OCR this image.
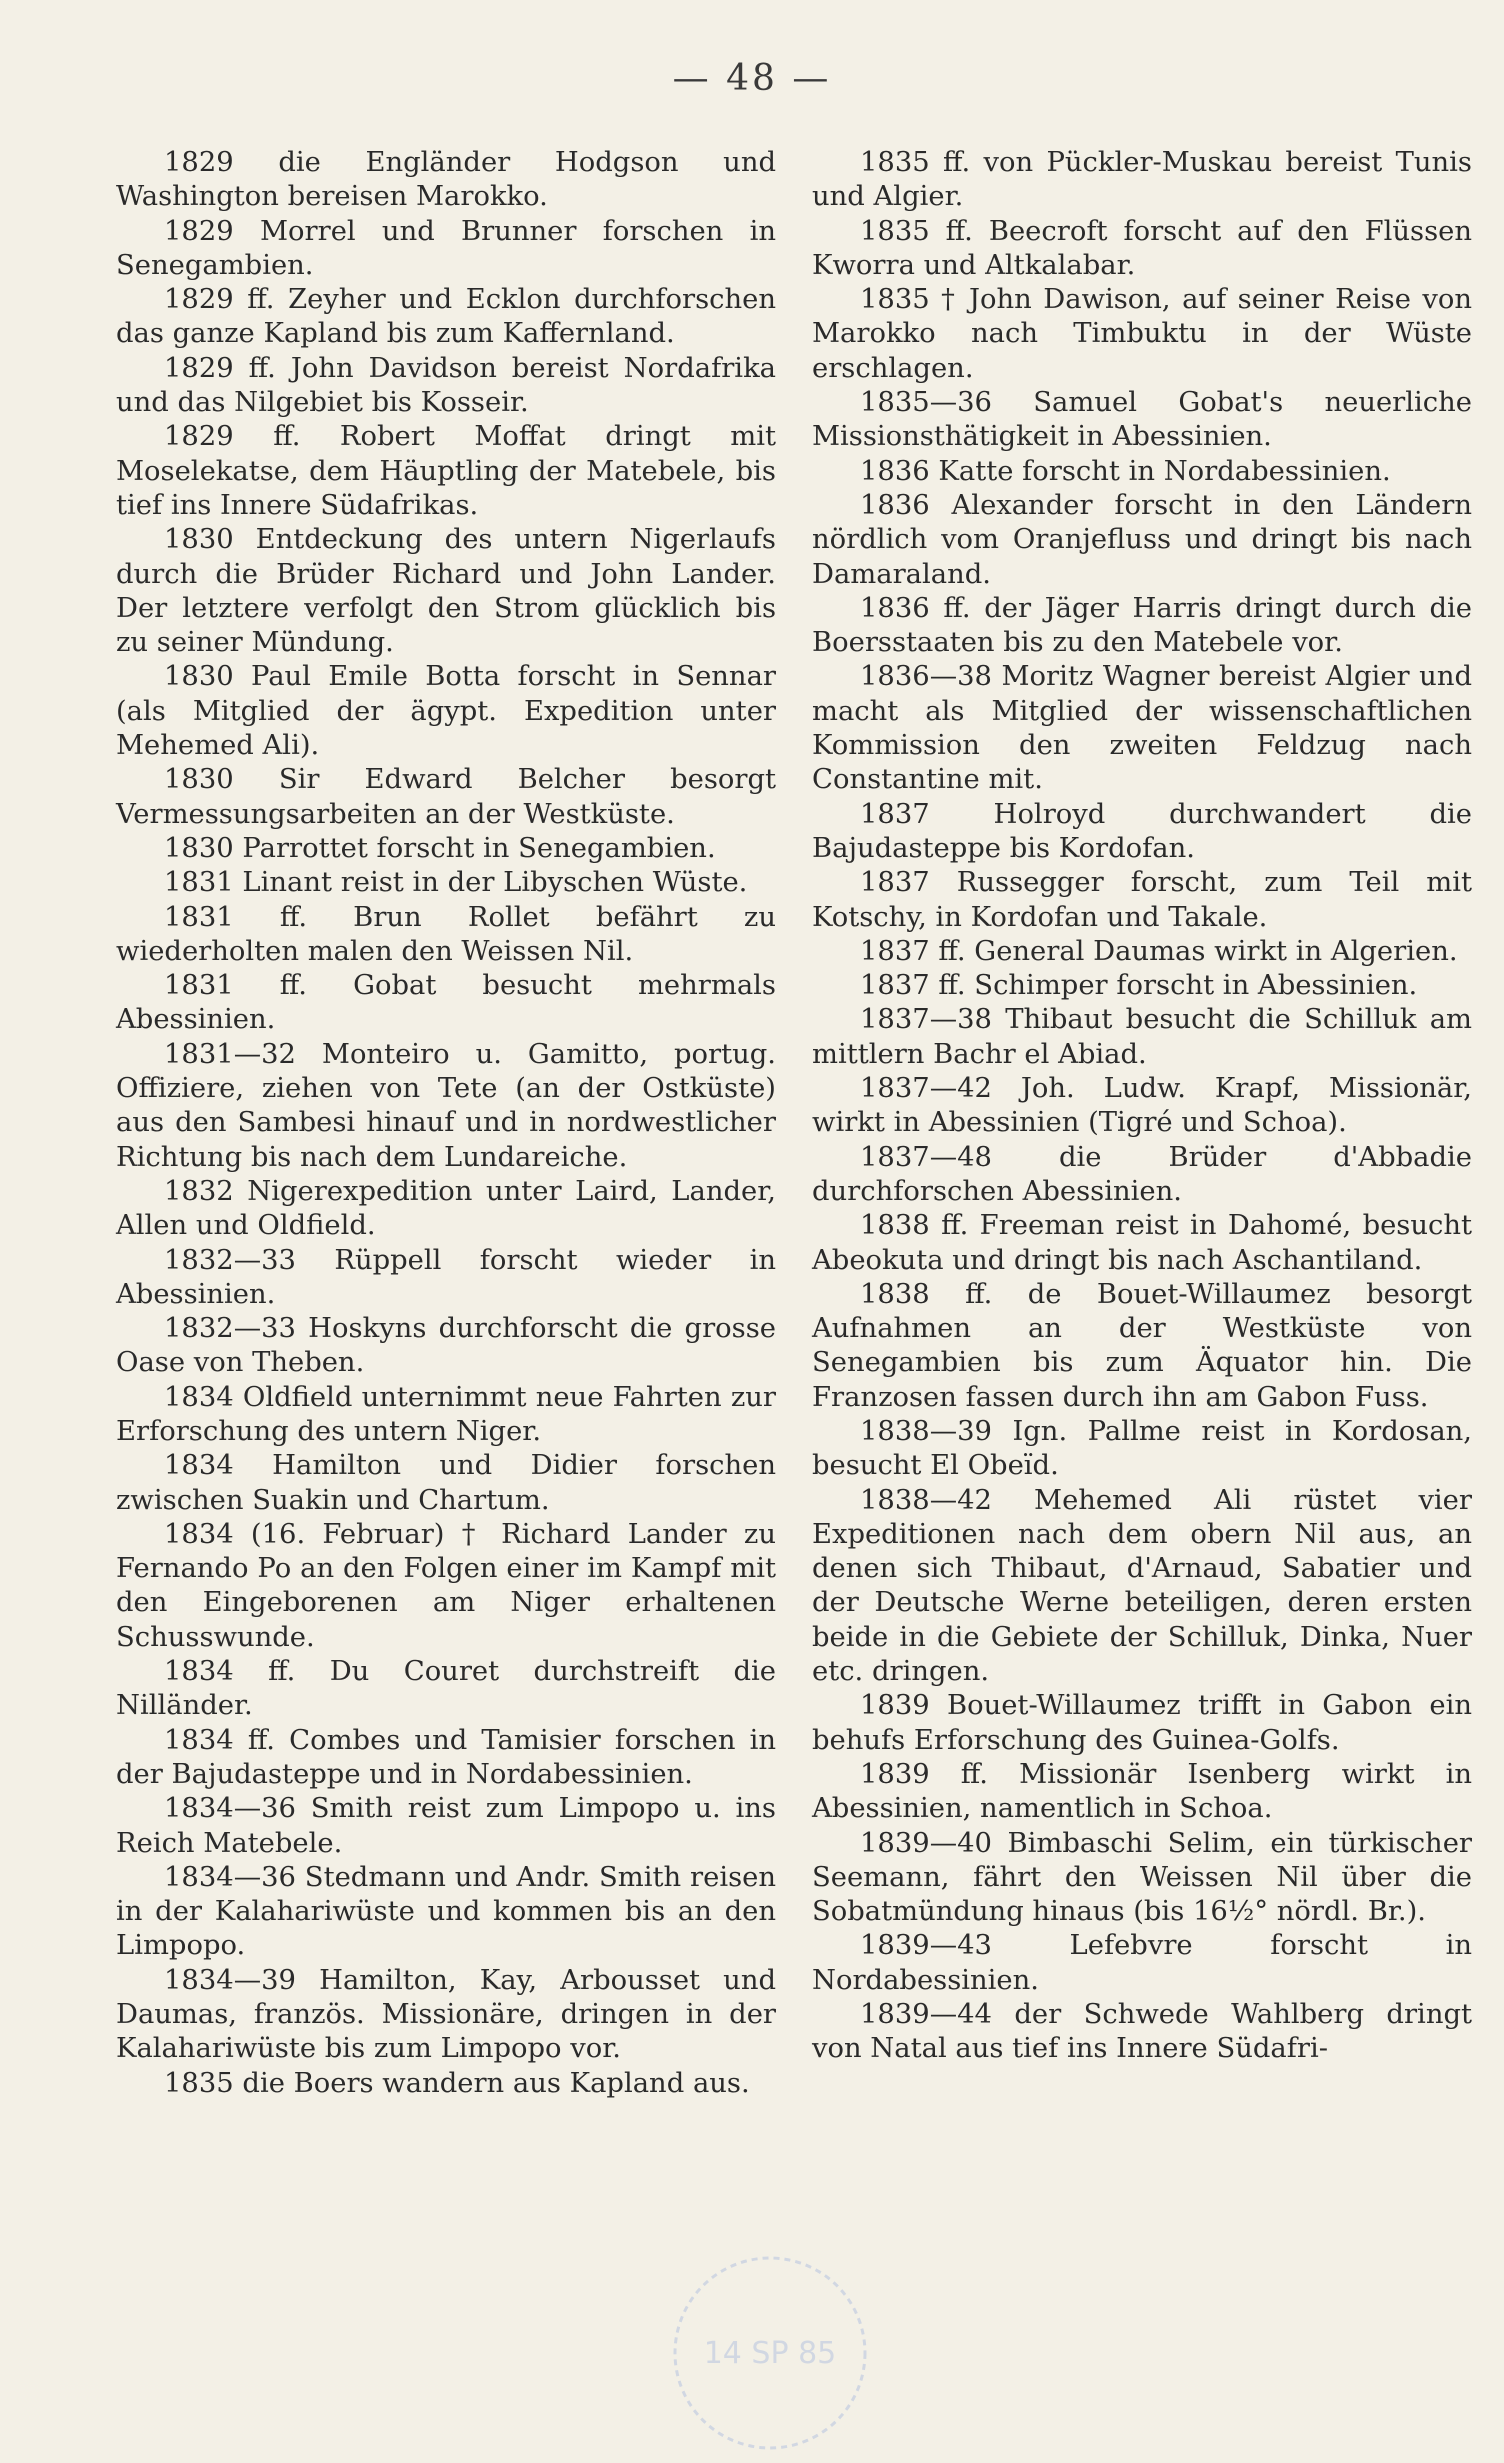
— 48 —

1829 die Engländer Hodgson und Washington bereisen Marokko.

1829 Morrel und Brunner forschen in Senegambien.

1829 ff. Zeyher und Ecklon durchforschen das ganze Kapland bis zum Kaffernland.

1829 ff. John Davidson bereist Nordafrika und das Nilgebiet bis Kosseir.

1829 ff. Robert Moffat dringt mit Moselekatse, dem Häuptling der Matebele, bis tief ins Innere Südafrikas.

1830 Entdeckung des untern Nigerlaufs durch die Brüder Richard und John Lander. Der letztere verfolgt den Strom glücklich bis zu seiner Mündung.

1830 Paul Emile Botta forscht in Sennar (als Mitglied der ägypt. Expedition unter Mehemed Ali).

1830 Sir Edward Belcher besorgt Vermessungsarbeiten an der Westküste.

1830 Parrottet forscht in Senegambien.

1831 Linant reist in der Libyschen Wüste.

1831 ff. Brun Rollet befährt zu wiederholten malen den Weissen Nil.

1831 ff. Gobat besucht mehrmals Abessinien.

1831—32 Monteiro u. Gamitto, portug. Offiziere, ziehen von Tete (an der Ostküste) aus den Sambesi hinauf und in nordwestlicher Richtung bis nach dem Lundareiche.

1832 Nigerexpedition unter Laird, Lander, Allen und Oldfield.

1832—33 Rüppell forscht wieder in Abessinien.

1832—33 Hoskyns durchforscht die grosse Oase von Theben.

1834 Oldfield unternimmt neue Fahrten zur Erforschung des untern Niger.

1834 Hamilton und Didier forschen zwischen Suakin und Chartum.

1834 (16. Februar) † Richard Lander zu Fernando Po an den Folgen einer im Kampf mit den Eingeborenen am Niger erhaltenen Schusswunde.

1834 ff. Du Couret durchstreift die Nilländer.

1834 ff. Combes und Tamisier forschen in der Bajudasteppe und in Nordabessinien.

1834—36 Smith reist zum Limpopo u. ins Reich Matebele.

1834—36 Stedmann und Andr. Smith reisen in der Kalahariwüste und kommen bis an den Limpopo.

1834—39 Hamilton, Kay, Arbousset und Daumas, französ. Missionäre, dringen in der Kalahariwüste bis zum Limpopo vor.

1835 die Boers wandern aus Kapland aus.

1835 ff. von Pückler-Muskau bereist Tunis und Algier.

1835 ff. Beecroft forscht auf den Flüssen Kworra und Altkalabar.

1835 † John Dawison, auf seiner Reise von Marokko nach Timbuktu in der Wüste erschlagen.

1835—36 Samuel Gobat's neuerliche Missionsthätigkeit in Abessinien.

1836 Katte forscht in Nordabessinien.

1836 Alexander forscht in den Ländern nördlich vom Oranjefluss und dringt bis nach Damaraland.

1836 ff. der Jäger Harris dringt durch die Boersstaaten bis zu den Matebele vor.

1836—38 Moritz Wagner bereist Algier und macht als Mitglied der wissenschaftlichen Kommission den zweiten Feldzug nach Constantine mit.

1837 Holroyd durchwandert die Bajudasteppe bis Kordofan.

1837 Russegger forscht, zum Teil mit Kotschy, in Kordofan und Takale.

1837 ff. General Daumas wirkt in Algerien.

1837 ff. Schimper forscht in Abessinien.

1837—38 Thibaut besucht die Schilluk am mittlern Bachr el Abiad.

1837—42 Joh. Ludw. Krapf, Missionär, wirkt in Abessinien (Tigré und Schoa).

1837—48 die Brüder d'Abbadie durchforschen Abessinien.

1838 ff. Freeman reist in Dahomé, besucht Abeokuta und dringt bis nach Aschantiland.

1838 ff. de Bouet-Willaumez besorgt Aufnahmen an der Westküste von Senegambien bis zum Äquator hin. Die Franzosen fassen durch ihn am Gabon Fuss.

1838—39 Ign. Pallme reist in Kordosan, besucht El Obeïd.

1838—42 Mehemed Ali rüstet vier Expeditionen nach dem obern Nil aus, an denen sich Thibaut, d'Arnaud, Sabatier und der Deutsche Werne beteiligen, deren ersten beide in die Gebiete der Schilluk, Dinka, Nuer etc. dringen.

1839 Bouet-Willaumez trifft in Gabon ein behufs Erforschung des Guinea-Golfs.

1839 ff. Missionär Isenberg wirkt in Abessinien, namentlich in Schoa.

1839—40 Bimbaschi Selim, ein türkischer Seemann, fährt den Weissen Nil über die Sobatmündung hinaus (bis 16½° nördl. Br.).

1839—43 Lefebvre forscht in Nordabessinien.

1839—44 der Schwede Wahlberg dringt von Natal aus tief ins Innere Südafri-

14 SP 85
